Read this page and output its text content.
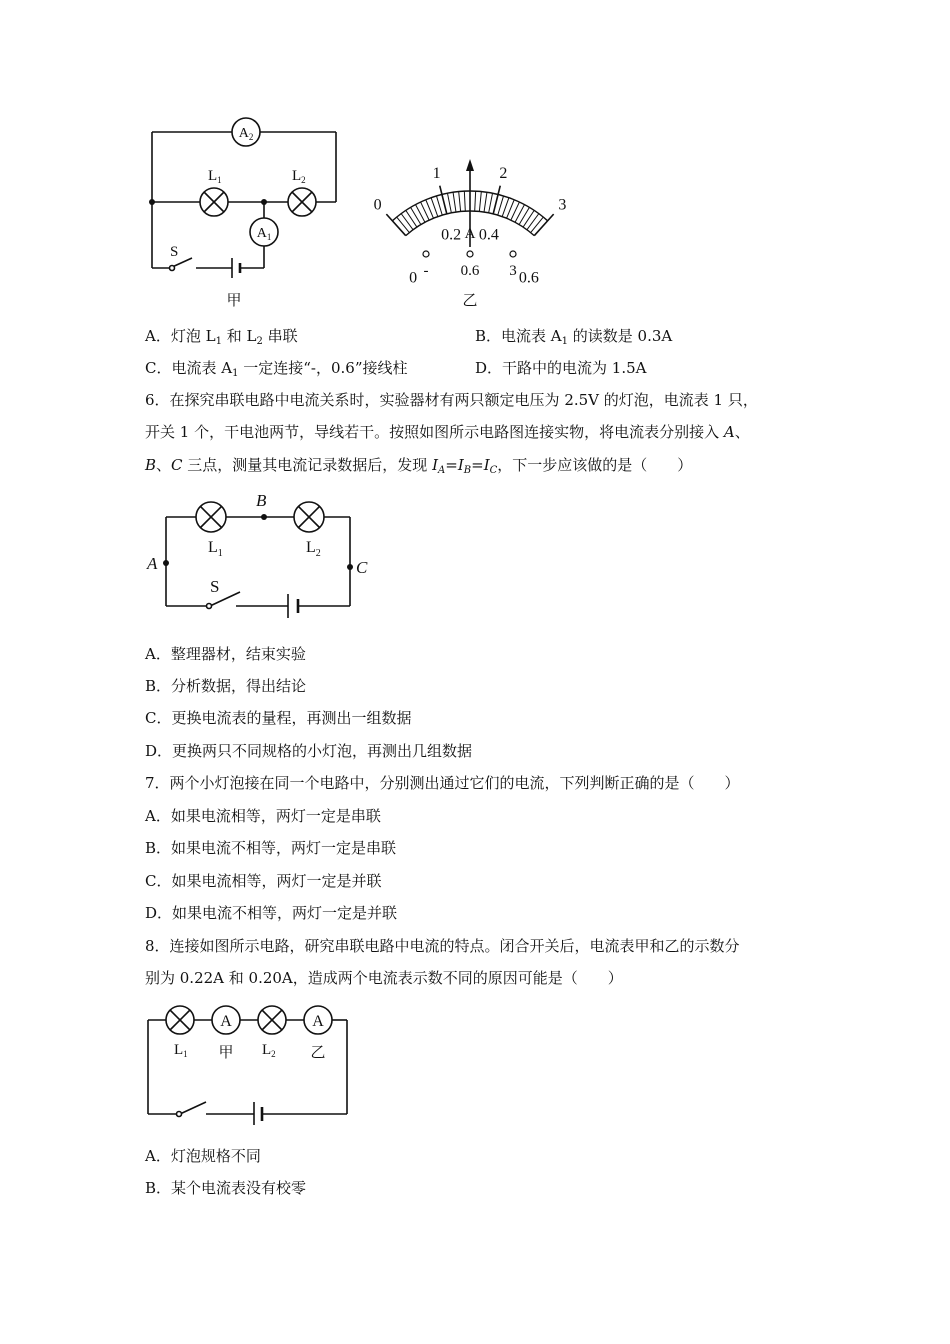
$A_2$
$A_1$
$L_1$	$L_2$
S
甲
0
1	2
3
0
0.2 0.4
0.6
A
- 0.6 3
乙
A．灯泡 $L_1$ 和 $L_2$ 串联	B．电流表 $A_1$ 的读数是 0.3A
C．电流表 $A_1$ 一定连接“-，0.6”接线柱	D．干路中的电流为 1.5A
6．在探究串联电路中电流关系时，实验器材有两只额定电压为 2.5V 的灯泡，电流表 1 只，
开关 1 个，干电池两节，导线若干。按照如图所示电路图连接实物，将电流表分别接入 A、
B、C 三点，测量其电流记录数据后，发现 $I_A=I_B=I_C$，下一步应该做的是（　　）
B
A	C
S
$L_1$	$L_2$
A．整理器材，结束实验
B．分析数据，得出结论
C．更换电流表的量程，再测出一组数据
D．更换两只不同规格的小灯泡，再测出几组数据
7．两个小灯泡接在同一个电路中，分别测出通过它们的电流，下列判断正确的是（　　）
A．如果电流相等，两灯一定是串联
B．如果电流不相等，两灯一定是串联
C．如果电流相等，两灯一定是并联
D．如果电流不相等，两灯一定是并联
8．连接如图所示电路，研究串联电路中电流的特点。闭合开关后，电流表甲和乙的示数分
别为 0.22A 和 0.20A，造成两个电流表示数不同的原因可能是（　　）
A	A
$L_1$ 甲 $L_2$ 乙
A．灯泡规格不同
B．某个电流表没有校零
